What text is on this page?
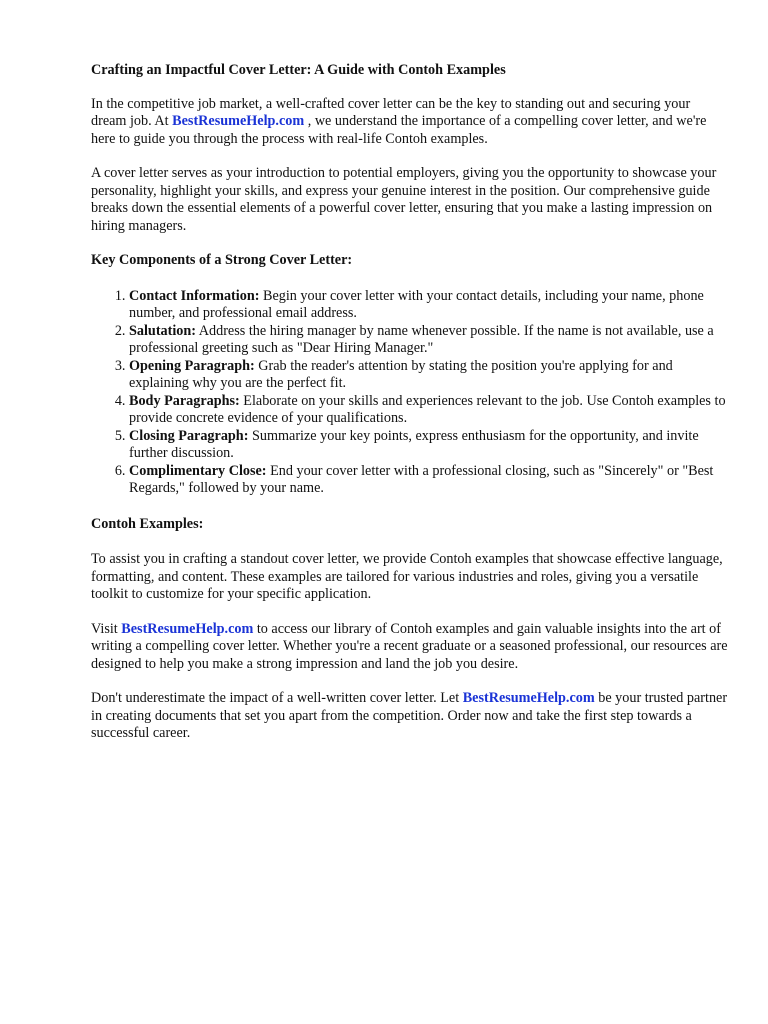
Crafting an Impactful Cover Letter: A Guide with Contoh Examples

In the competitive job market, a well-crafted cover letter can be the key to standing out and securing your dream job. At BestResumeHelp.com , we understand the importance of a compelling cover letter, and we're here to guide you through the process with real-life Contoh examples.

A cover letter serves as your introduction to potential employers, giving you the opportunity to showcase your personality, highlight your skills, and express your genuine interest in the position. Our comprehensive guide breaks down the essential elements of a powerful cover letter, ensuring that you make a lasting impression on hiring managers.

Key Components of a Strong Cover Letter:
1. Contact Information: Begin your cover letter with your contact details, including your name, phone number, and professional email address.
2. Salutation: Address the hiring manager by name whenever possible. If the name is not available, use a professional greeting such as "Dear Hiring Manager."
3. Opening Paragraph: Grab the reader's attention by stating the position you're applying for and explaining why you are the perfect fit.
4. Body Paragraphs: Elaborate on your skills and experiences relevant to the job. Use Contoh examples to provide concrete evidence of your qualifications.
5. Closing Paragraph: Summarize your key points, express enthusiasm for the opportunity, and invite further discussion.
6. Complimentary Close: End your cover letter with a professional closing, such as "Sincerely" or "Best Regards," followed by your name.
Contoh Examples:

To assist you in crafting a standout cover letter, we provide Contoh examples that showcase effective language, formatting, and content. These examples are tailored for various industries and roles, giving you a versatile toolkit to customize for your specific application.

Visit BestResumeHelp.com to access our library of Contoh examples and gain valuable insights into the art of writing a compelling cover letter. Whether you're a recent graduate or a seasoned professional, our resources are designed to help you make a strong impression and land the job you desire.

Don't underestimate the impact of a well-written cover letter. Let BestResumeHelp.com be your trusted partner in creating documents that set you apart from the competition. Order now and take the first step towards a successful career.
